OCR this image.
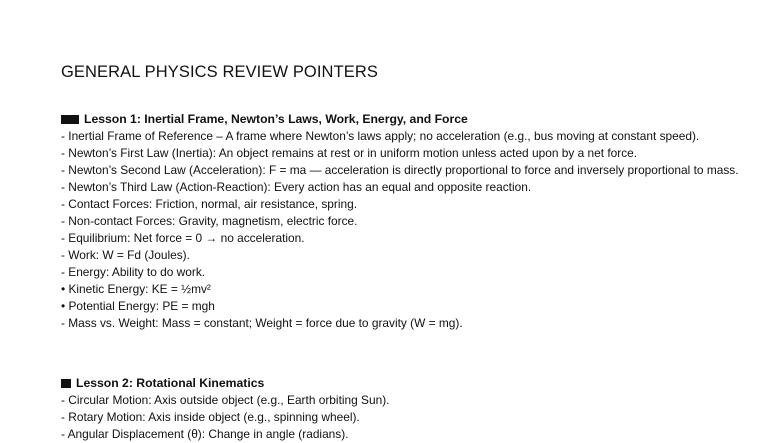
GENERAL PHYSICS REVIEW POINTERS
Lesson 1: Inertial Frame, Newton’s Laws, Work, Energy, and Force
- Inertial Frame of Reference – A frame where Newton’s laws apply; no acceleration (e.g., bus moving at constant speed).
- Newton’s First Law (Inertia): An object remains at rest or in uniform motion unless acted upon by a net force.
- Newton’s Second Law (Acceleration): F = ma — acceleration is directly proportional to force and inversely proportional to mass.
- Newton’s Third Law (Action-Reaction): Every action has an equal and opposite reaction.
- Contact Forces: Friction, normal, air resistance, spring.
- Non-contact Forces: Gravity, magnetism, electric force.
- Equilibrium: Net force = 0 → no acceleration.
- Work: W = Fd (Joules).
- Energy: Ability to do work.
• Kinetic Energy: KE = ½mv²
• Potential Energy: PE = mgh
- Mass vs. Weight: Mass = constant; Weight = force due to gravity (W = mg).
Lesson 2: Rotational Kinematics
- Circular Motion: Axis outside object (e.g., Earth orbiting Sun).
- Rotary Motion: Axis inside object (e.g., spinning wheel).
- Angular Displacement (θ): Change in angle (radians).
